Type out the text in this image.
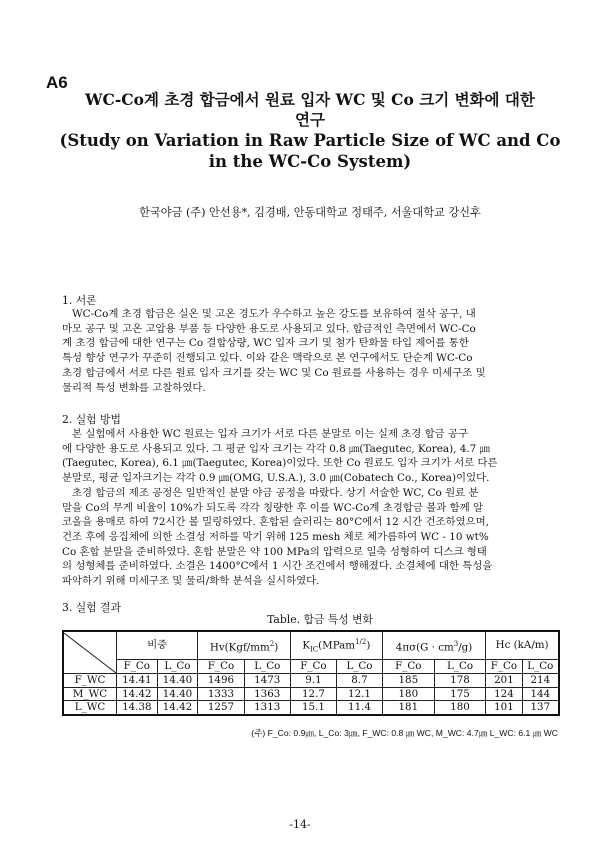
A6
WC-Co계 초경 합금에서 원료 입자 WC 및 Co 크기 변화에 대한
연구
(Study on Variation in Raw Particle Size of WC and Co
in the WC-Co System)
한국야금 (주) 안선용*, 김경배, 안동대학교 정태주, 서울대학교 강신후
1. 서론
WC-Co계 초경 합금은 실온 및 고온 경도가 우수하고 높은 강도를 보유하여 절삭 공구, 내
마모 공구 및 고온 고압용 부품 등 다양한 용도로 사용되고 있다. 합금적인 측면에서 WC-Co
계 초경 합금에 대한 연구는 Co 결합상량, WC 입자 크기 및 첨가 탄화물 타입 제어를 통한
특성 향상 연구가 꾸준히 진행되고 있다. 이와 같은 맥락으로 본 연구에서도 단순계 WC-Co
초경 합금에서 서로 다른 원료 입자 크기를 갖는 WC 및 Co 원료를 사용하는 경우 미세구조 및
물리적 특성 변화를 고찰하였다.
2. 실험 방법
본 실험에서 사용한 WC 원료는 입자 크기가 서로 다른 분말로 이는 실제 초경 합금 공구
에 다양한 용도로 사용되고 있다. 그 평균 입자 크기는 각각 0.8 ㎛(Taegutec, Korea), 4.7 ㎛
(Taegutec, Korea), 6.1 ㎛(Taegutec, Korea)이었다. 또한 Co 원료도 입자 크기가 서로 다른
분말로, 평균 입자크기는 각각 0.9 ㎛(OMG, U.S.A.), 3.0 ㎛(Cobatech Co., Korea)이었다.
초경 합금의 제조 공정은 일반적인 분말 야금 공정을 따랐다. 상기 서술한 WC, Co 원료 분
말을 Co의 무게 비율이 10%가 되도록 각각 칭량한 후 이를 WC-Co계 초경합금 볼과 함께 알
코올을 용매로 하여 72시간 볼 밀링하였다. 혼합된 슬러리는 80°C에서 12 시간 건조하였으며,
건조 후에 응집체에 의한 소결성 저하를 막기 위해 125 mesh 체로 체가름하여 WC - 10 wt%
Co 혼합 분말을 준비하였다. 혼합 분말은 약 100 MPa의 압력으로 일축 성형하여 디스크 형태
의 성형체를 준비하였다. 소결은 1400°C에서 1 시간 조건에서 행해졌다. 소결체에 대한 특성을
파악하기 위해 미세구조 및 물리/화학 분석을 실시하였다.
3. 실험 결과
Table. 합금 특성 변화
	비중		$Hv(Kgf/mm^2)$		$K_{IC}(MPam^{1/2})$		$4\pi\sigma(G \cdot cm^3/g)$		Hc (kA/m)	
	F_Co	L_Co	F_Co	L_Co	F_Co	L_Co	F_Co	L_Co	F_Co	L_Co
F_WC	14.41	14.40	1496	1473	9.1	8.7	185	178	201	214
M_WC	14.42	14.40	1333	1363	12.7	12.1	180	175	124	144
L_WC	14.38	14.42	1257	1313	15.1	11.4	181	180	101	137
(주) F_Co: 0.9㎛, L_Co: 3㎛, F_WC: 0.8 ㎛ WC, M_WC: 4.7㎛ L_WC: 6.1 ㎛ WC
-14-
